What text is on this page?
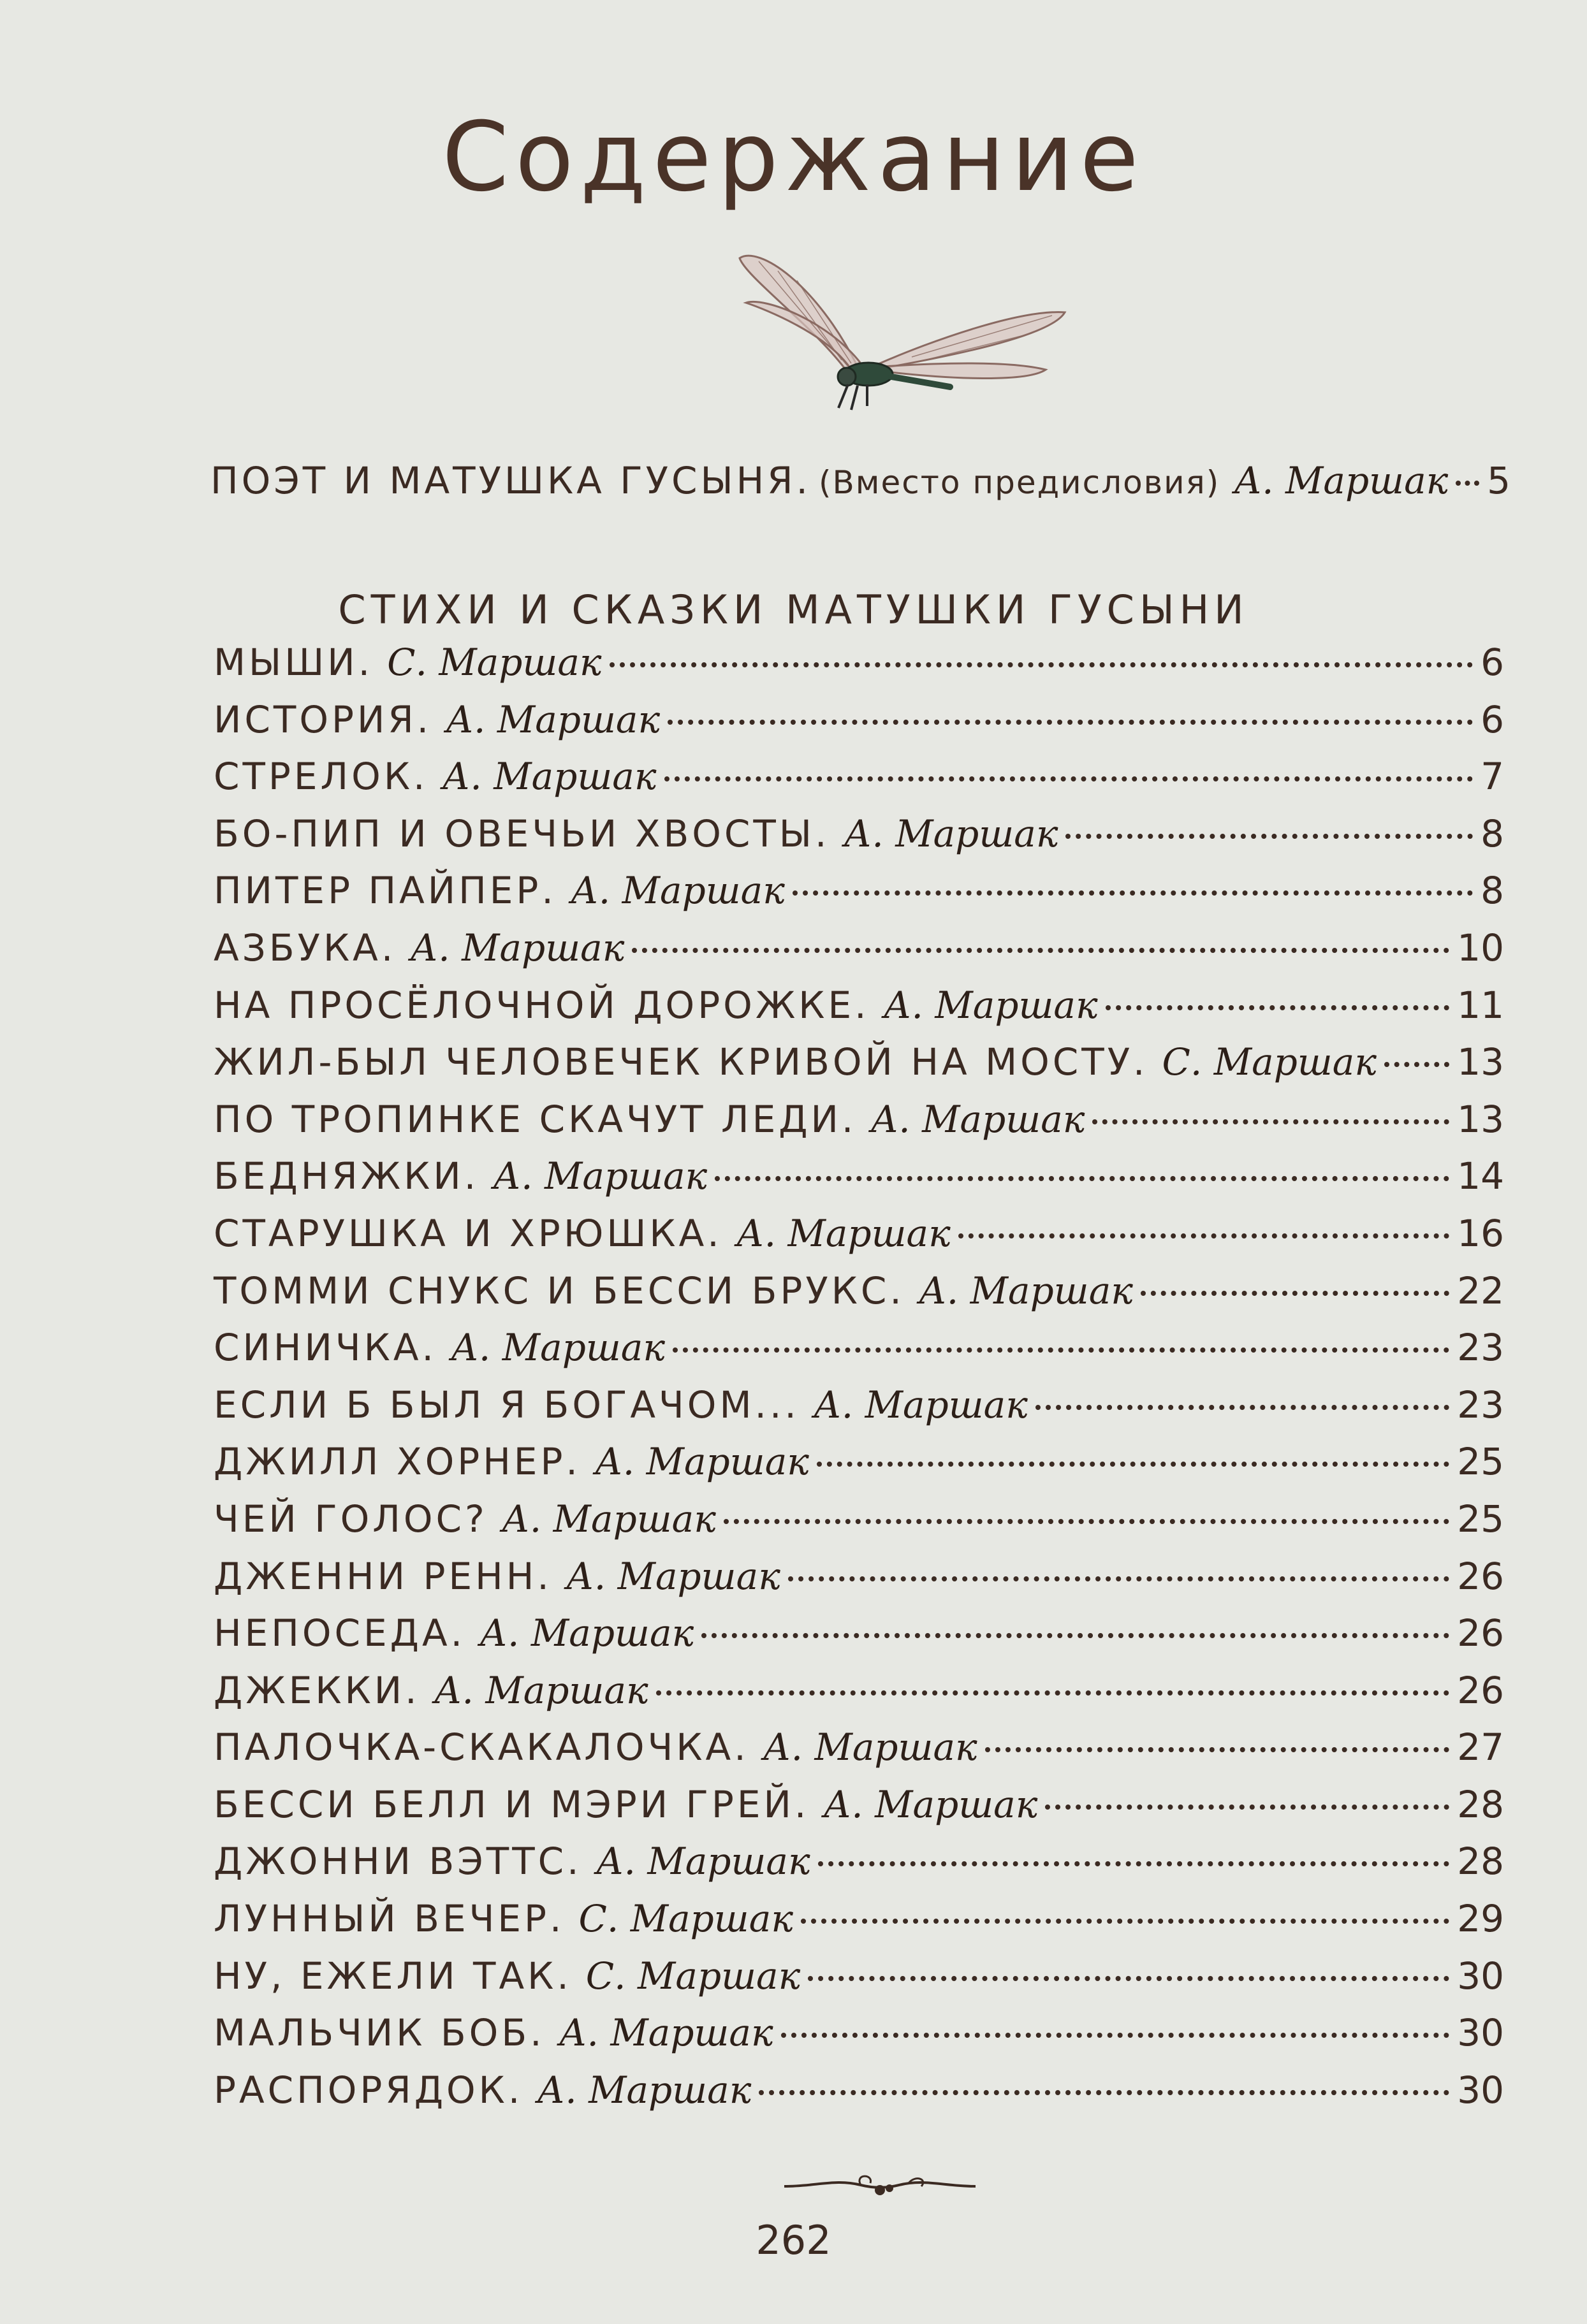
Содержание
ПОЭТ И МАТУШКА ГУСЫНЯ. (Вместо предисловия) А. Маршак 5
СТИХИ И СКАЗКИ МАТУШКИ ГУСЫНИ
МЫШИ. С. Маршак	6
ИСТОРИЯ. А. Маршак	6
СТРЕЛОК. А. Маршак	7
БО-ПИП И ОВЕЧЬИ ХВОСТЫ. А. Маршак	8
ПИТЕР ПАЙПЕР. А. Маршак	8
АЗБУКА. А. Маршак	10
НА ПРОСЁЛОЧНОЙ ДОРОЖКЕ. А. Маршак	11
ЖИЛ-БЫЛ ЧЕЛОВЕЧЕК КРИВОЙ НА МОСТУ. С. Маршак 13
ПО ТРОПИНКЕ СКАЧУТ ЛЕДИ. А. Маршак	13
БЕДНЯЖКИ. А. Маршак	14
СТАРУШКА И ХРЮШКА. А. Маршак	16
ТОММИ СНУКС И БЕССИ БРУКС. А. Маршак	22
СИНИЧКА. А. Маршак	23
ЕСЛИ Б БЫЛ Я БОГАЧОМ... А. Маршак	23
ДЖИЛЛ ХОРНЕР. А. Маршак	25
ЧЕЙ ГОЛОС? А. Маршак	25
ДЖЕННИ РЕНН. А. Маршак	26
НЕПОСЕДА. А. Маршак	26
ДЖЕККИ. А. Маршак	26
ПАЛОЧКА-СКАКАЛОЧКА. А. Маршак	27
БЕССИ БЕЛЛ И МЭРИ ГРЕЙ. А. Маршак	28
ДЖОННИ ВЭТТС. А. Маршак	28
ЛУННЫЙ ВЕЧЕР. С. Маршак	29
НУ, ЕЖЕЛИ ТАК. С. Маршак	30
МАЛЬЧИК БОБ. А. Маршак	30
РАСПОРЯДОК. А. Маршак	30
262
